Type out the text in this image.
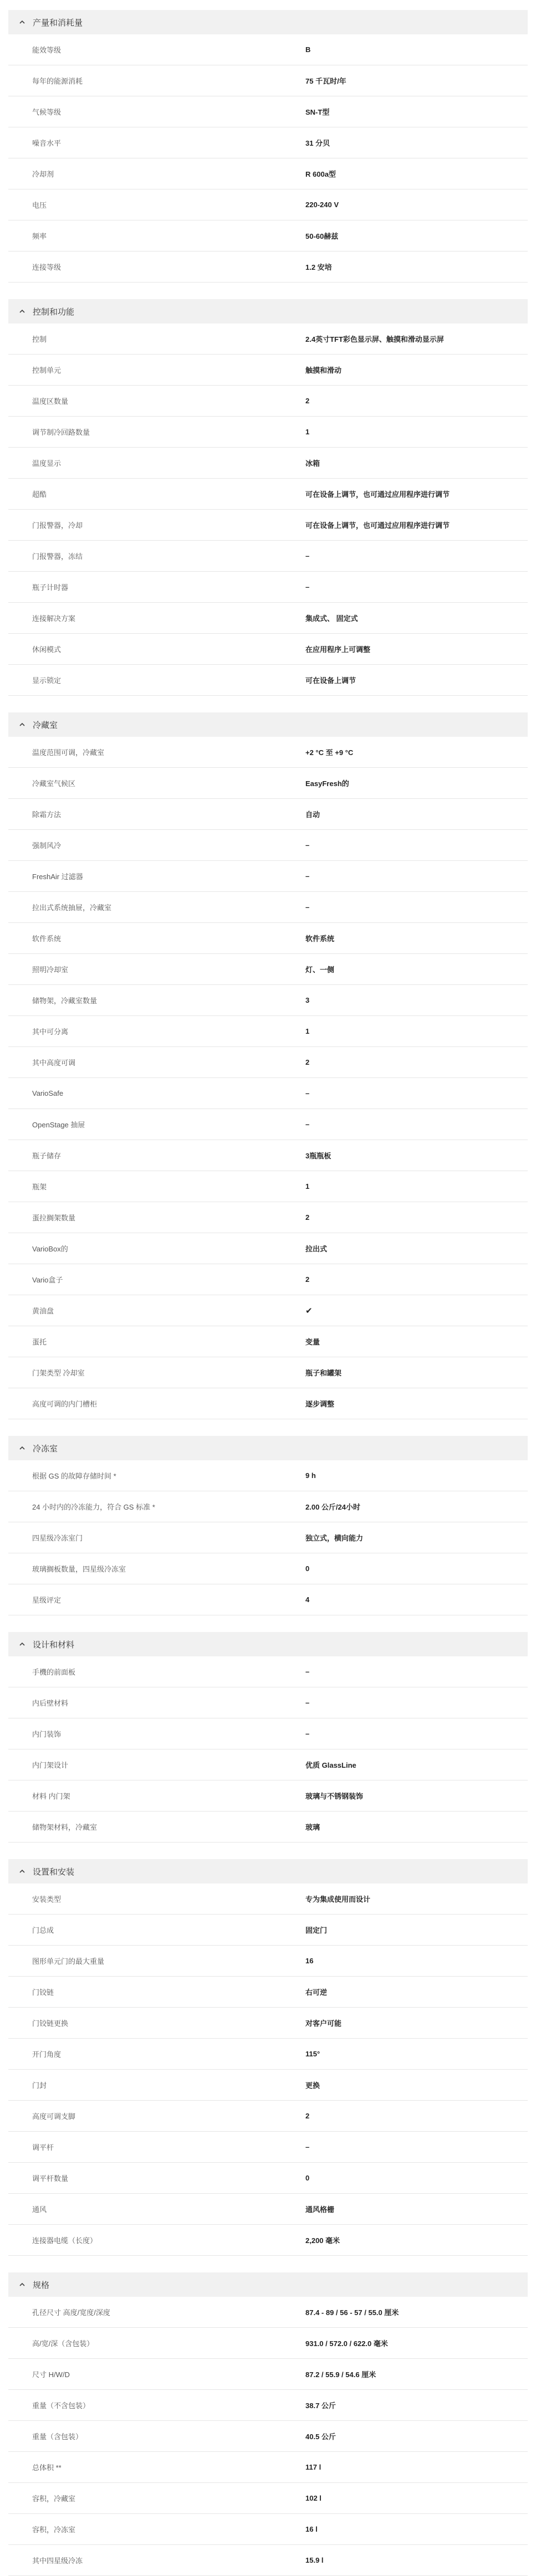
产量和消耗量
能效等级	B
每年的能源消耗	75 千瓦时/年
气候等级	SN-T型
噪音水平	31 分贝
冷却剂	R 600a型
电压	220-240 V
频率	50-60赫兹
连接等级	1.2 安培
控制和功能
控制	2.4英寸TFT彩色显示屏、触摸和滑动显示屏
控制单元	触摸和滑动
温度区数量	2
调节制冷回路数量	1
温度显示	冰箱
超酷	可在设备上调节，也可通过应用程序进行调节
门报警器，冷却	可在设备上调节，也可通过应用程序进行调节
门报警器，冻结	–
瓶子计时器	–
连接解决方案	集成式、 固定式
休闲模式	在应用程序上可调整
显示锁定	可在设备上调节
冷藏室
温度范围可调，冷藏室	+2 °C 至 +9 °C
冷藏室气候区	EasyFresh的
除霜方法	自动
强制风冷	–
FreshAir 过滤器	–
拉出式系统抽屉，冷藏室	–
软件系统	软件系统
照明冷却室	灯、一侧
储物架，冷藏室数量	3
其中可分离	1
其中高度可调	2
VarioSafe	–
OpenStage 抽屉	–
瓶子储存	3瓶瓶板
瓶架	1
蛋拉搁架数量	2
VarioBox的	拉出式
Vario盒子	2
黄油盘	✔
蛋托	变量
门架类型 冷却室	瓶子和罐架
高度可调的内门槽柜	逐步调整
冷冻室
根据 GS 的故障存储时间 *	9 h
24 小时内的冷冻能力，符合 GS 标准 *	2.00 公斤/24小时
四星级冷冻室门	独立式，横向能力
玻璃搁板数量，四星级冷冻室	0
星级评定	4
设计和材料
手機的前面板	–
内后壁材料	–
内门装饰	–
内门架设计	优质 GlassLine
材料 内门架	玻璃与不锈钢装饰
储物架材料，冷藏室	玻璃
设置和安装
安装类型	专为集成使用而设计
门总成	固定门
图形单元门的最大重量	16
门铰链	右可逆
门铰链更换	对客户可能
开门角度	115°
门封	更换
高度可调支脚	2
调平杆	–
调平杆数量	0
通风	通风格栅
连接器电缆（长度）	2,200 毫米
规格
孔径尺寸 高度/宽度/深度	87.4 - 89 / 56 - 57 / 55.0 厘米
高/宽/深（含包装）	931.0 / 572.0 / 622.0 毫米
尺寸 H/W/D	87.2 / 55.9 / 54.6 厘米
重量（不含包装）	38.7 公斤
重量（含包装）	40.5 公斤
总体积 **	117 l
容积，冷藏室	102 l
容积，冷冻室	16 l
其中四星级冷冻	15.9 l
